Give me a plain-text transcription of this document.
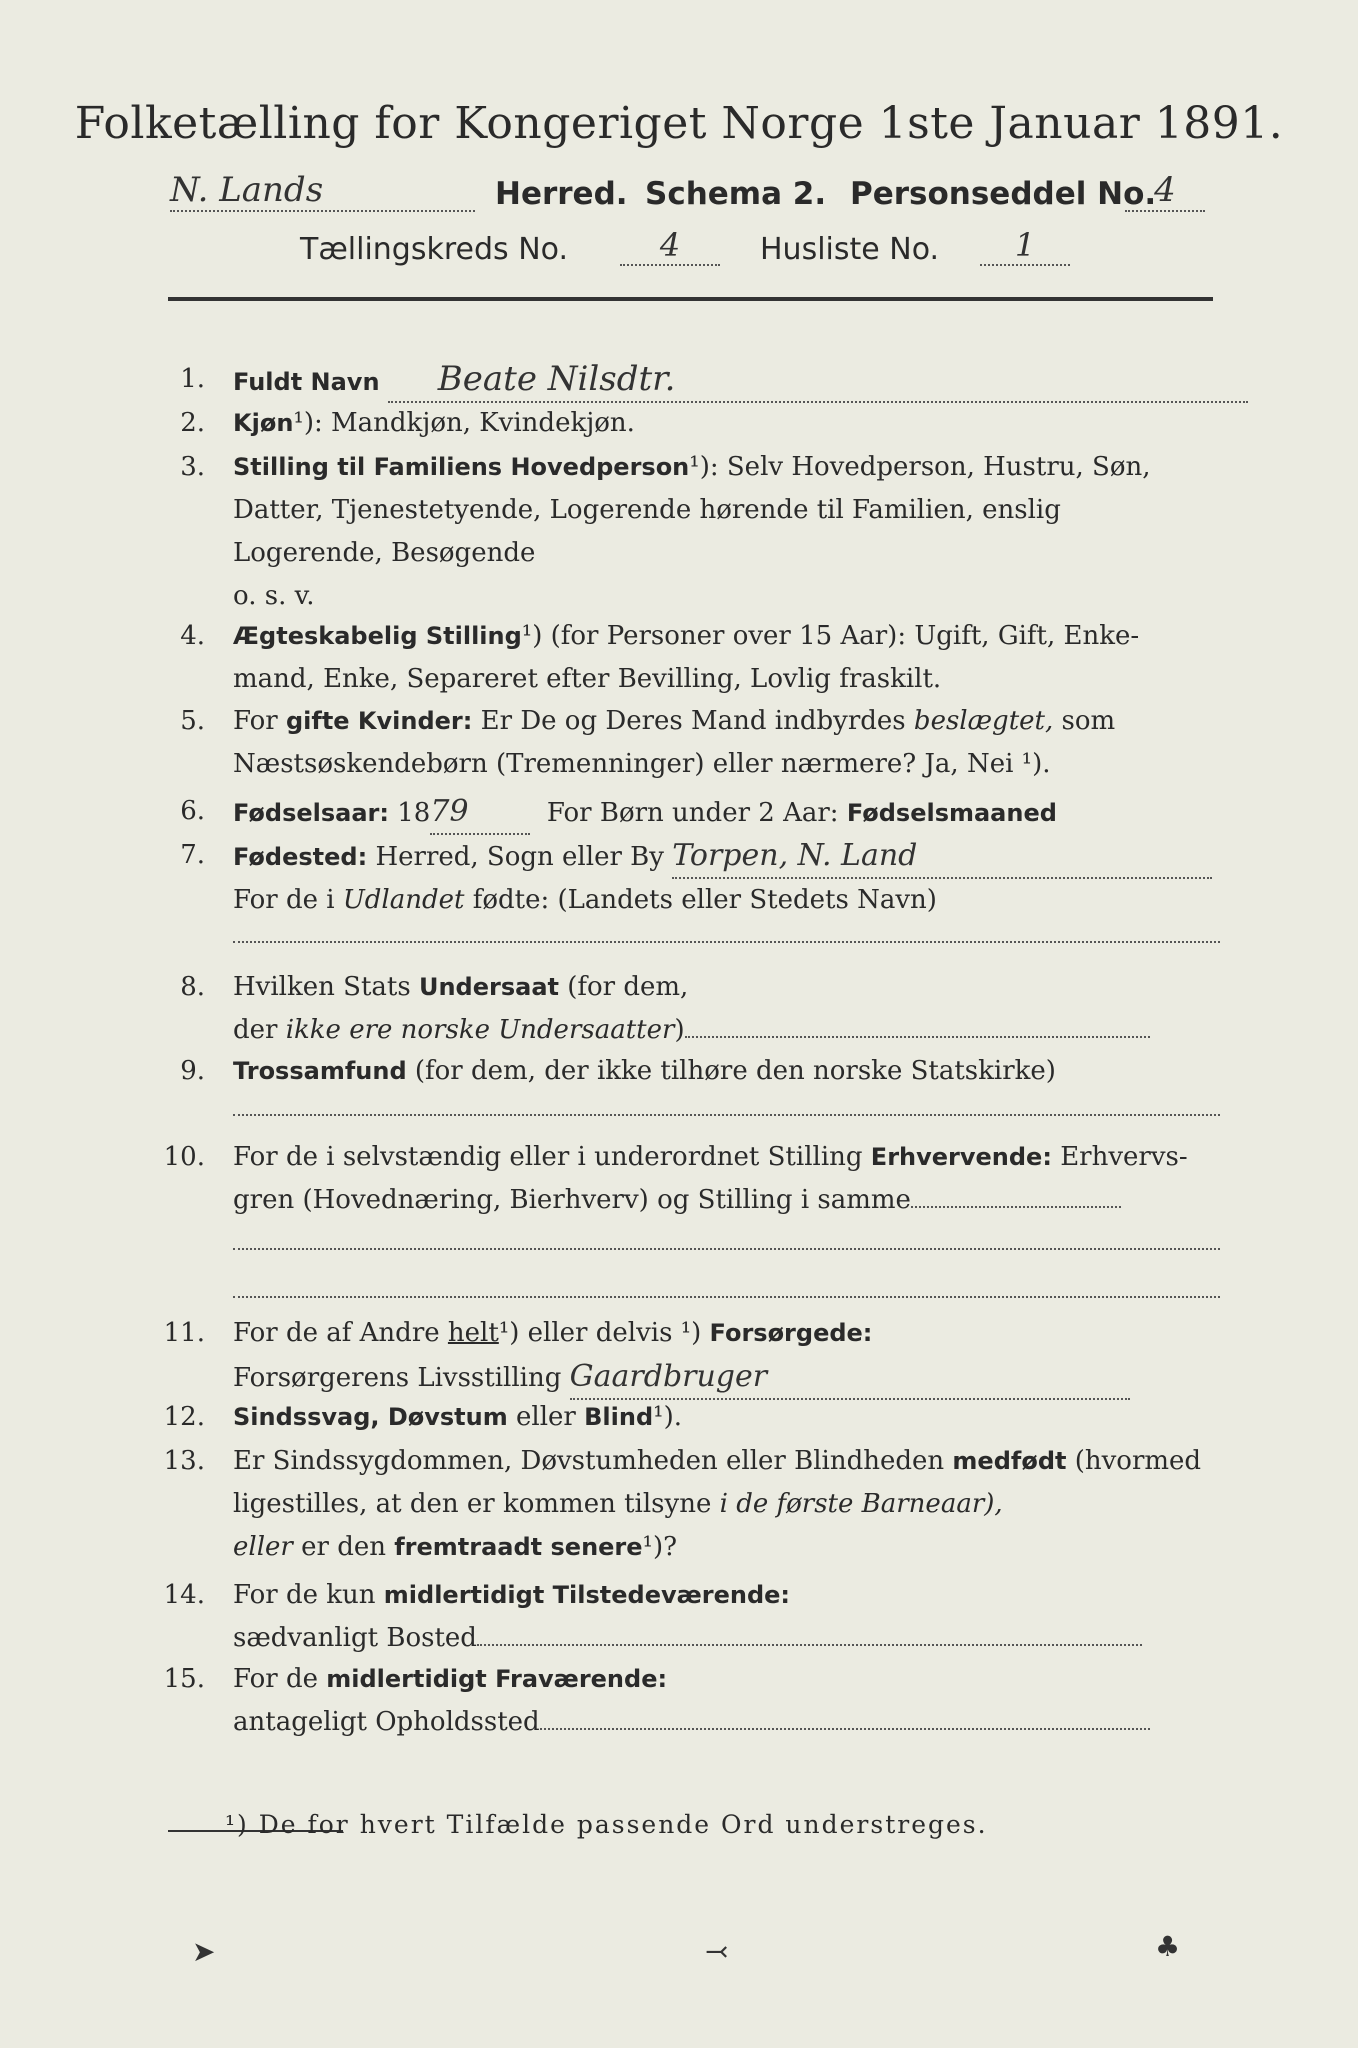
Folketælling for Kongeriget Norge 1ste Januar 1891.
N. Lands	Herred. Schema 2. Personseddel No.
4
Tællingskreds No.	4	Husliste No.	1
1. Fuldt Navn Beate Nilsdtr.
2. Kjøn¹): Mandkjøn, Kvindekjøn.
3. Stilling til Familiens Hovedperson¹): Selv Hovedperson, Hustru, Søn,
Datter, Tjenestetyende, Logerende hørende til Familien, enslig
Logerende, Besøgende
o. s. v.
4. Ægteskabelig Stilling¹) (for Personer over 15 Aar): Ugift, Gift, Enke-
mand, Enke, Separeret efter Bevilling, Lovlig fraskilt.
5. For gifte Kvinder: Er De og Deres Mand indbyrdes beslægtet, som
Næstsøskendebørn (Tremenninger) eller nærmere? Ja, Nei ¹).
6. Fødselsaar: 1879	For Børn under 2 Aar: Fødselsmaaned
7. Fødested: Herred, Sogn eller By Torpen, N. Land
For de i Udlandet fødte: (Landets eller Stedets Navn)
8. Hvilken Stats Undersaat (for dem,
der ikke ere norske Undersaatter)
9. Trossamfund (for dem, der ikke tilhøre den norske Statskirke)
10. For de i selvstændig eller i underordnet Stilling Erhvervende: Erhvervs-
gren (Hovednæring, Bierhverv) og Stilling i samme
11. For de af Andre helt¹) eller delvis ¹) Forsørgede:
Forsørgerens Livsstilling Gaardbruger
12. Sindssvag, Døvstum eller Blind¹).
13. Er Sindssygdommen, Døvstumheden eller Blindheden medfødt (hvormed
ligestilles, at den er kommen tilsyne i de første Barneaar),
eller er den fremtraadt senere¹)?
14. For de kun midlertidigt Tilstedeværende:
sædvanligt Bosted
15. For de midlertidigt Fraværende:
antageligt Opholdssted
¹) De for hvert Tilfælde passende Ord understreges.
➤	⤙	♣
